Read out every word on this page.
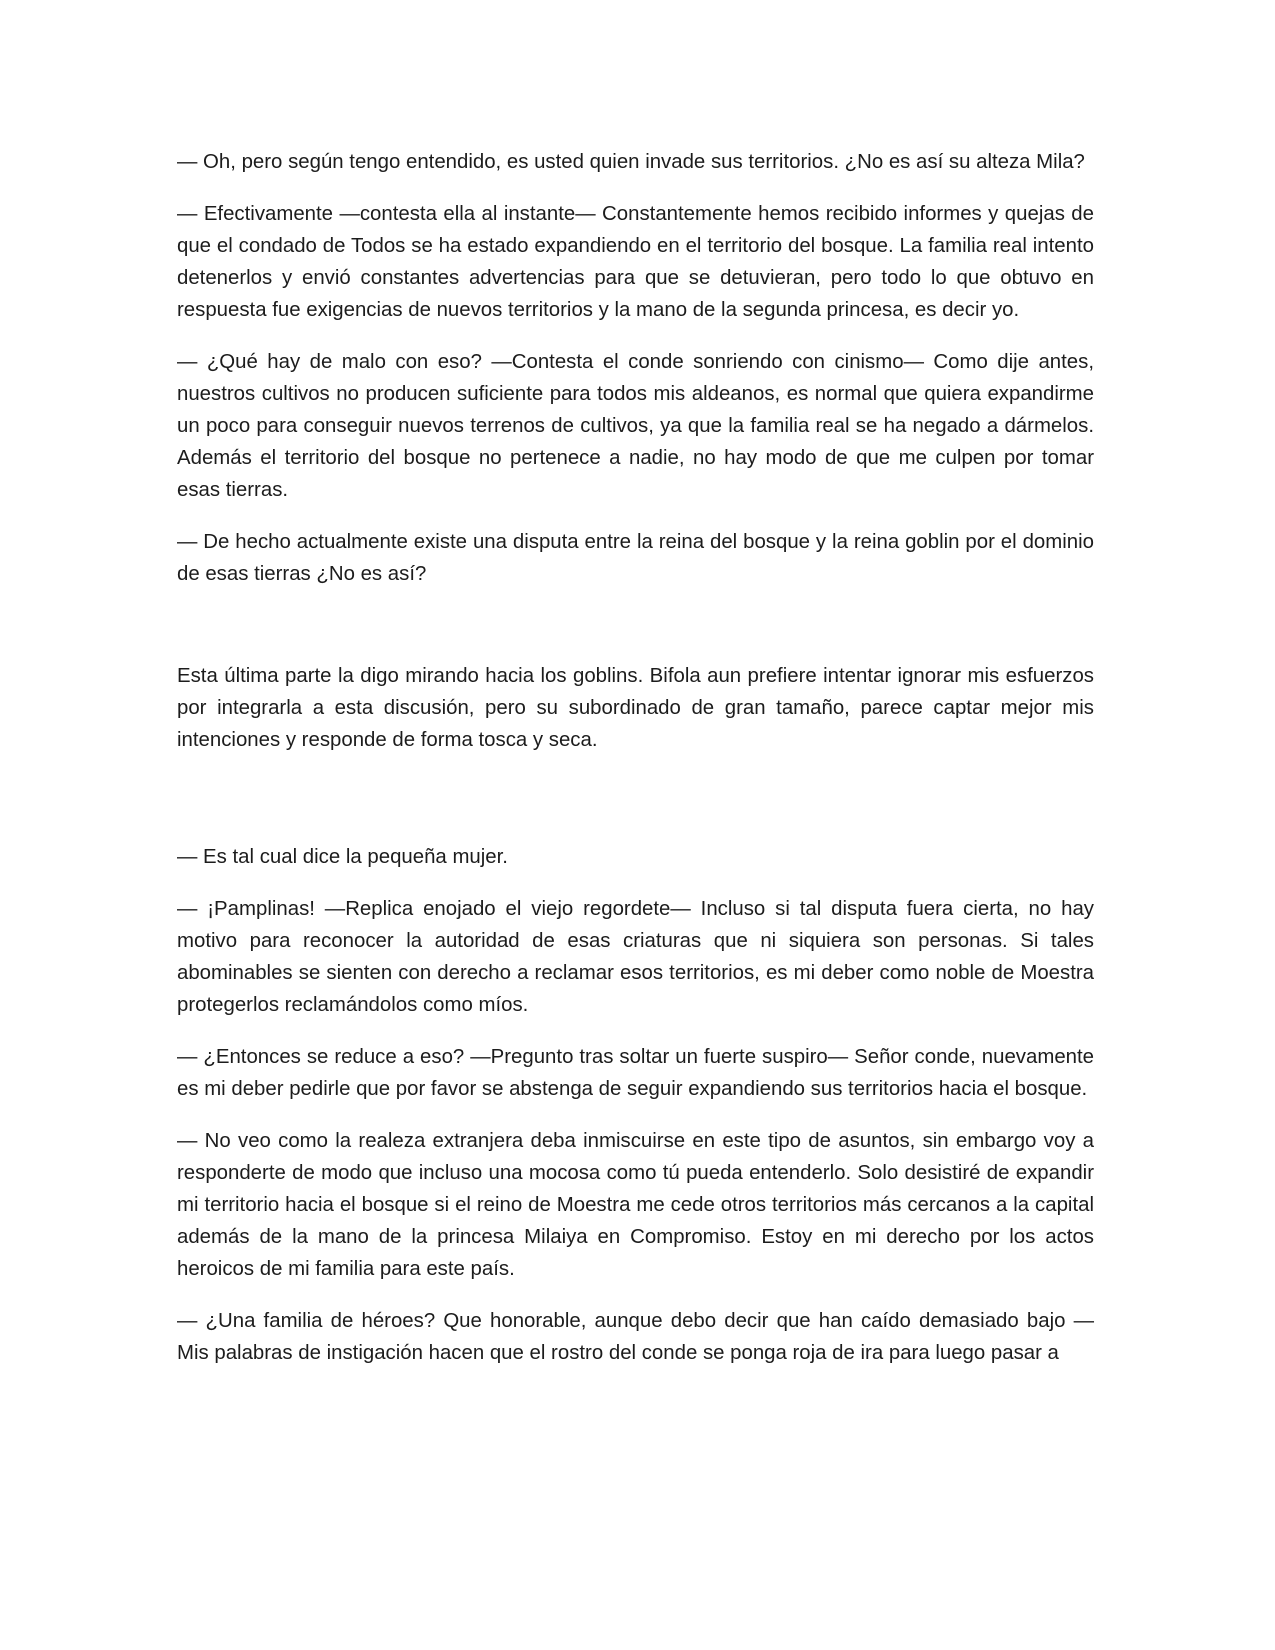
— Oh, pero según tengo entendido, es usted quien invade sus territorios. ¿No es así su alteza Mila?

— Efectivamente —contesta ella al instante— Constantemente hemos recibido informes y quejas de que el condado de Todos se ha estado expandiendo en el territorio del bosque. La familia real intento detenerlos y envió constantes advertencias para que se detuvieran, pero todo lo que obtuvo en respuesta fue exigencias de nuevos territorios y la mano de la segunda princesa, es decir yo.

— ¿Qué hay de malo con eso? —Contesta el conde sonriendo con cinismo— Como dije antes, nuestros cultivos no producen suficiente para todos mis aldeanos, es normal que quiera expandirme un poco para conseguir nuevos terrenos de cultivos, ya que la familia real se ha negado a dármelos. Además el territorio del bosque no pertenece a nadie, no hay modo de que me culpen por tomar esas tierras.

— De hecho actualmente existe una disputa entre la reina del bosque y la reina goblin por el dominio de esas tierras ¿No es así?

Esta última parte la digo mirando hacia los goblins. Bifola aun prefiere intentar ignorar mis esfuerzos por integrarla a esta discusión, pero su subordinado de gran tamaño, parece captar mejor mis intenciones y responde de forma tosca y seca.

— Es tal cual dice la pequeña mujer.

— ¡Pamplinas! —Replica enojado el viejo regordete— Incluso si tal disputa fuera cierta, no hay motivo para reconocer la autoridad de esas criaturas que ni siquiera son personas. Si tales abominables se sienten con derecho a reclamar esos territorios, es mi deber como noble de Moestra protegerlos reclamándolos como míos.

— ¿Entonces se reduce a eso? —Pregunto tras soltar un fuerte suspiro— Señor conde, nuevamente es mi deber pedirle que por favor se abstenga de seguir expandiendo sus territorios hacia el bosque.

— No veo como la realeza extranjera deba inmiscuirse en este tipo de asuntos, sin embargo voy a responderte de modo que incluso una mocosa como tú pueda entenderlo. Solo desistiré de expandir mi territorio hacia el bosque si el reino de Moestra me cede otros territorios más cercanos a la capital además de la mano de la princesa Milaiya en Compromiso. Estoy en mi derecho por los actos heroicos de mi familia para este país.

— ¿Una familia de héroes? Que honorable, aunque debo decir que han caído demasiado bajo — Mis palabras de instigación hacen que el rostro del conde se ponga roja de ira para luego pasar a
